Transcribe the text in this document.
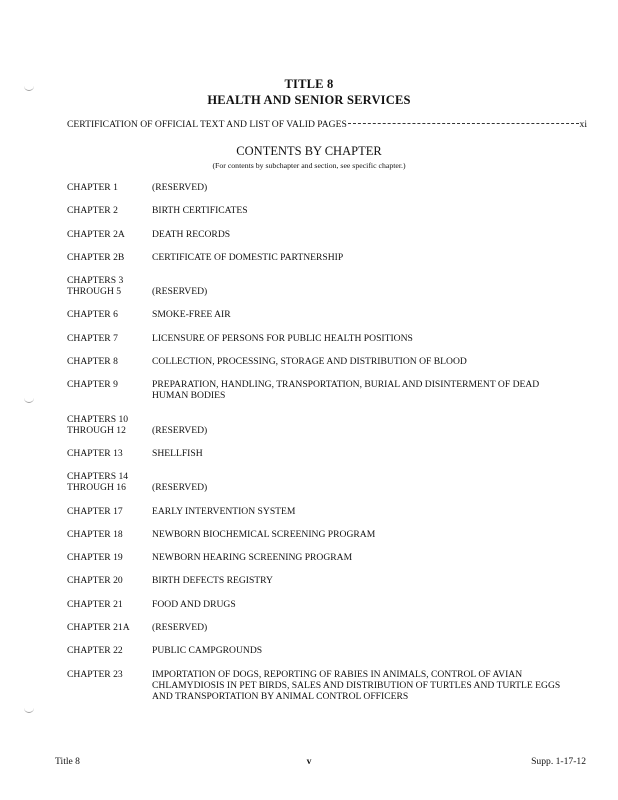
TITLE 8
HEALTH AND SENIOR SERVICES
CERTIFICATION OF OFFICIAL TEXT AND LIST OF VALID PAGES	xi
CONTENTS BY CHAPTER
(For contents by subchapter and section, see specific chapter.)
CHAPTER 1	(RESERVED)
CHAPTER 2	BIRTH CERTIFICATES
CHAPTER 2A	DEATH RECORDS
CHAPTER 2B	CERTIFICATE OF DOMESTIC PARTNERSHIP
CHAPTERS 3
THROUGH 5	(RESERVED)
CHAPTER 6	SMOKE-FREE AIR
CHAPTER 7	LICENSURE OF PERSONS FOR PUBLIC HEALTH POSITIONS
CHAPTER 8	COLLECTION, PROCESSING, STORAGE AND DISTRIBUTION OF BLOOD
CHAPTER 9	PREPARATION, HANDLING, TRANSPORTATION, BURIAL AND DISINTERMENT OF DEAD HUMAN BODIES
CHAPTERS 10
THROUGH 12	(RESERVED)
CHAPTER 13	SHELLFISH
CHAPTERS 14
THROUGH 16	(RESERVED)
CHAPTER 17	EARLY INTERVENTION SYSTEM
CHAPTER 18	NEWBORN BIOCHEMICAL SCREENING PROGRAM
CHAPTER 19	NEWBORN HEARING SCREENING PROGRAM
CHAPTER 20	BIRTH DEFECTS REGISTRY
CHAPTER 21	FOOD AND DRUGS
CHAPTER 21A	(RESERVED)
CHAPTER 22	PUBLIC CAMPGROUNDS
CHAPTER 23	IMPORTATION OF DOGS, REPORTING OF RABIES IN ANIMALS, CONTROL OF AVIAN CHLAMYDIOSIS IN PET BIRDS, SALES AND DISTRIBUTION OF TURTLES AND TURTLE EGGS AND TRANSPORTATION BY ANIMAL CONTROL OFFICERS
Title 8	v	Supp. 1-17-12
